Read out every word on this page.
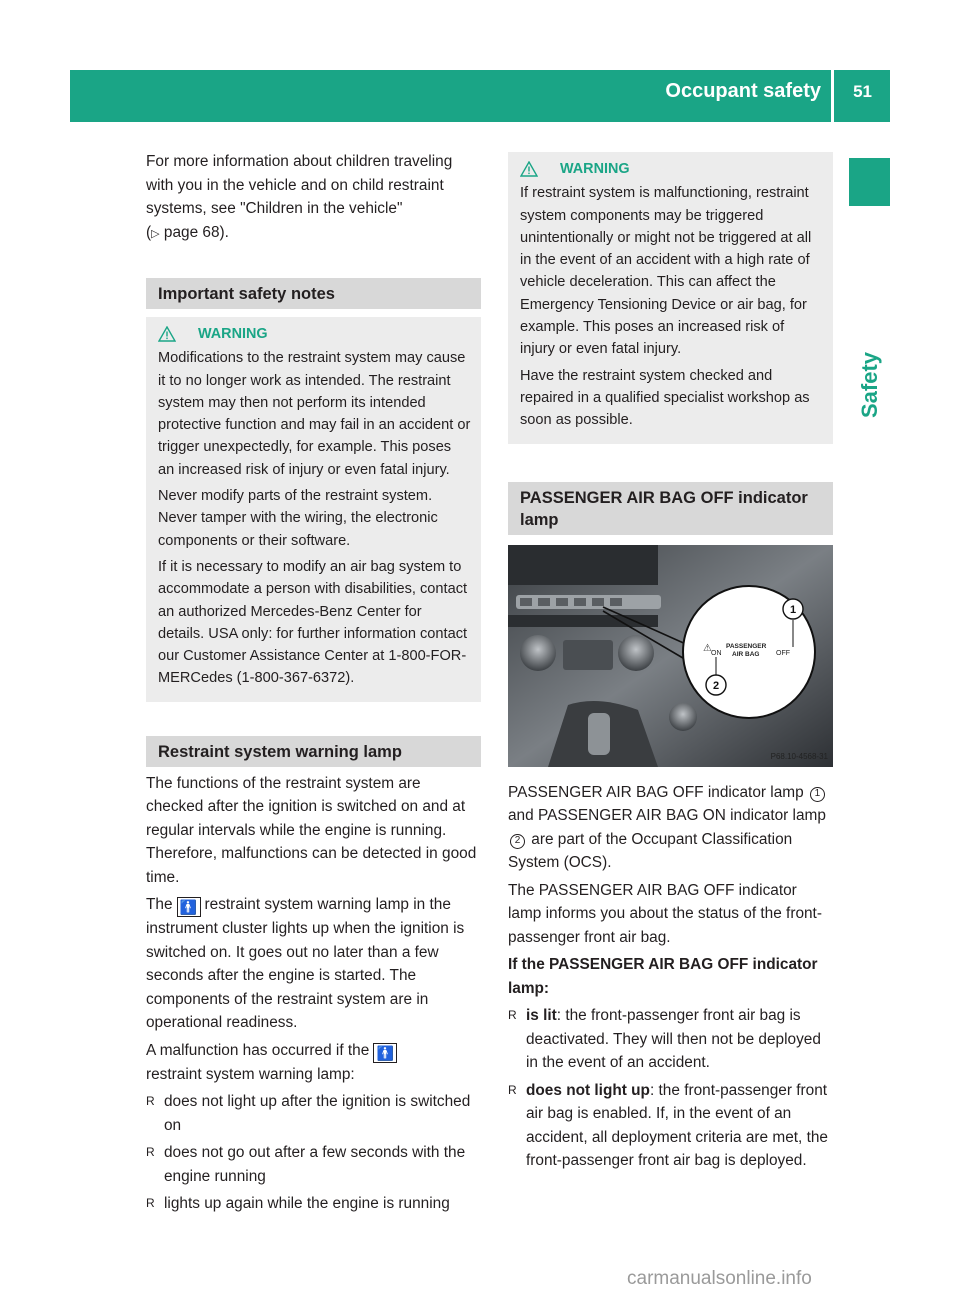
Occupant safety 51
Safety

For more information about children traveling with you in the vehicle and on child restraint systems, see "Children in the vehicle"
(▷ page 68).

Important safety notes
WARNING

Modifications to the restraint system may cause it to no longer work as intended. The restraint system may then not perform its intended protective function and may fail in an accident or trigger unexpectedly, for example. This poses an increased risk of injury or even fatal injury.

Never modify parts of the restraint system. Never tamper with the wiring, the electronic components or their software.

If it is necessary to modify an air bag system to accommodate a person with disabilities, contact an authorized Mercedes-Benz Center for details. USA only: for further information contact our Customer Assistance Center at 1-800-FOR-MERCedes (1-800-367-6372).

Restraint system warning lamp

The functions of the restraint system are checked after the ignition is switched on and at regular intervals while the engine is running. Therefore, malfunctions can be detected in good time.

The 🚹 restraint system warning lamp in the instrument cluster lights up when the ignition is switched on. It goes out no later than a few seconds after the engine is started. The components of the restraint system are in operational readiness.

A malfunction has occurred if the 🚹
restraint system warning lamp:

R does not light up after the ignition is switched on
R does not go out after a few seconds with the engine running
R lights up again while the engine is running
WARNING

If restraint system is malfunctioning, restraint system components may be triggered unintentionally or might not be triggered at all in the event of an accident with a high rate of vehicle deceleration. This can affect the Emergency Tensioning Device or air bag, for example. This poses an increased risk of injury or even fatal injury.

Have the restraint system checked and repaired in a qualified specialist workshop as soon as possible.

PASSENGER AIR BAG OFF indicator lamp
⚠ ON
PASSENGER
AIR BAG OFF
1
2
P68.10-4568-31

PASSENGER AIR BAG OFF indicator lamp 1 and PASSENGER AIR BAG ON indicator lamp 2 are part of the Occupant Classification System (OCS).

The PASSENGER AIR BAG OFF indicator lamp informs you about the status of the front-passenger front air bag.

If the PASSENGER AIR BAG OFF indicator lamp:

R is lit: the front-passenger front air bag is deactivated. They will then not be deployed in the event of an accident.
R does not light up: the front-passenger front air bag is enabled. If, in the event of an accident, all deployment criteria are met, the front-passenger front air bag is deployed.
carmanualsonline.info
